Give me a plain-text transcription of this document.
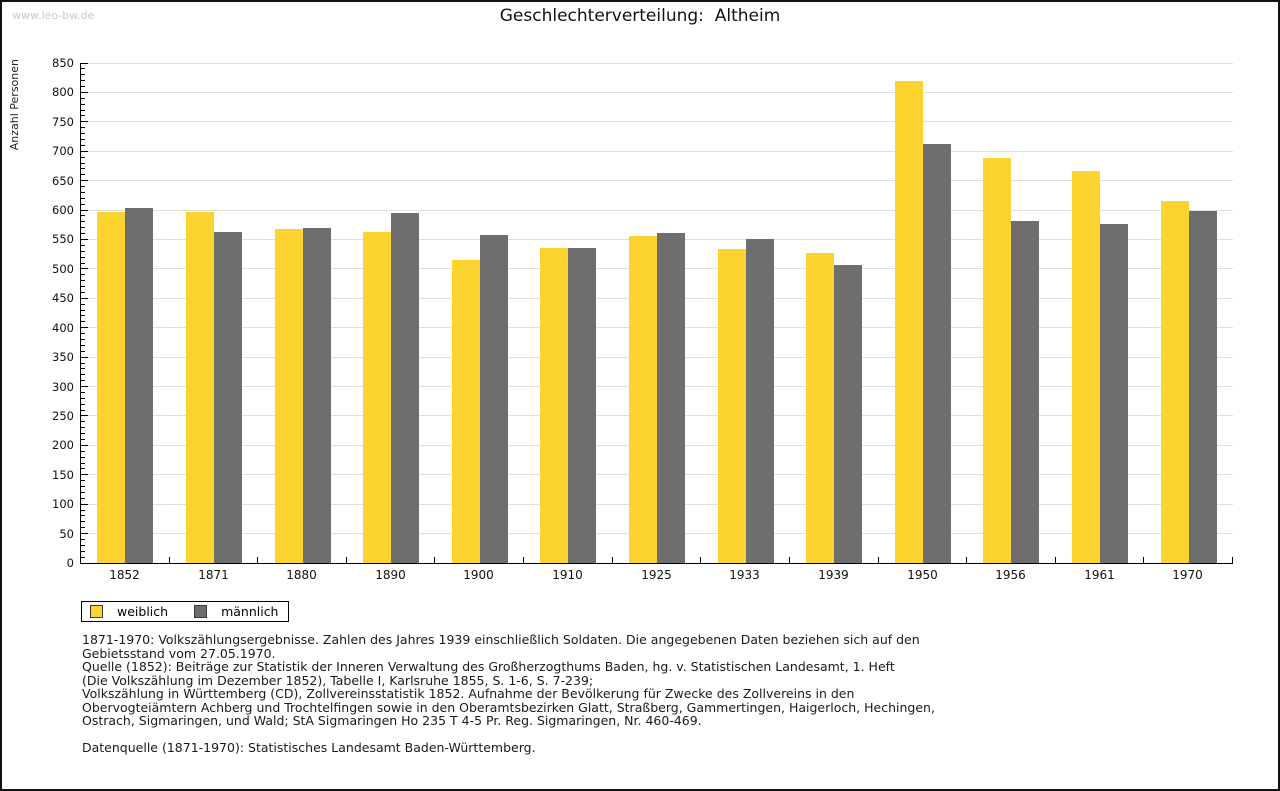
www.leo-bw.de	Geschlechterverteilung:  Altheim
Anzahl Personen
0
50
100
150
200
250
300
350
400
450
500
550
600
650
700
750
800
850
1852	1871	1880	1890	1900	1910	1925	1933	1939	1950	1956	1961	1970
weiblich	männlich
1871-1970: Volkszählungsergebnisse. Zahlen des Jahres 1939 einschließlich Soldaten. Die angegebenen Daten beziehen sich auf den
Gebietsstand vom 27.05.1970.
Quelle (1852): Beiträge zur Statistik der Inneren Verwaltung des Großherzogthums Baden, hg. v. Statistischen Landesamt, 1. Heft
(Die Volkszählung im Dezember 1852), Tabelle I, Karlsruhe 1855, S. 1-6, S. 7-239;
Volkszählung in Württemberg (CD), Zollvereinsstatistik 1852. Aufnahme der Bevölkerung für Zwecke des Zollvereins in den
Obervogteiämtern Achberg und Trochtelfingen sowie in den Oberamtsbezirken Glatt, Straßberg, Gammertingen, Haigerloch, Hechingen,
Ostrach, Sigmaringen, und Wald; StA Sigmaringen Ho 235 T 4-5 Pr. Reg. Sigmaringen, Nr. 460-469.
Datenquelle (1871-1970): Statistisches Landesamt Baden-Württemberg.
